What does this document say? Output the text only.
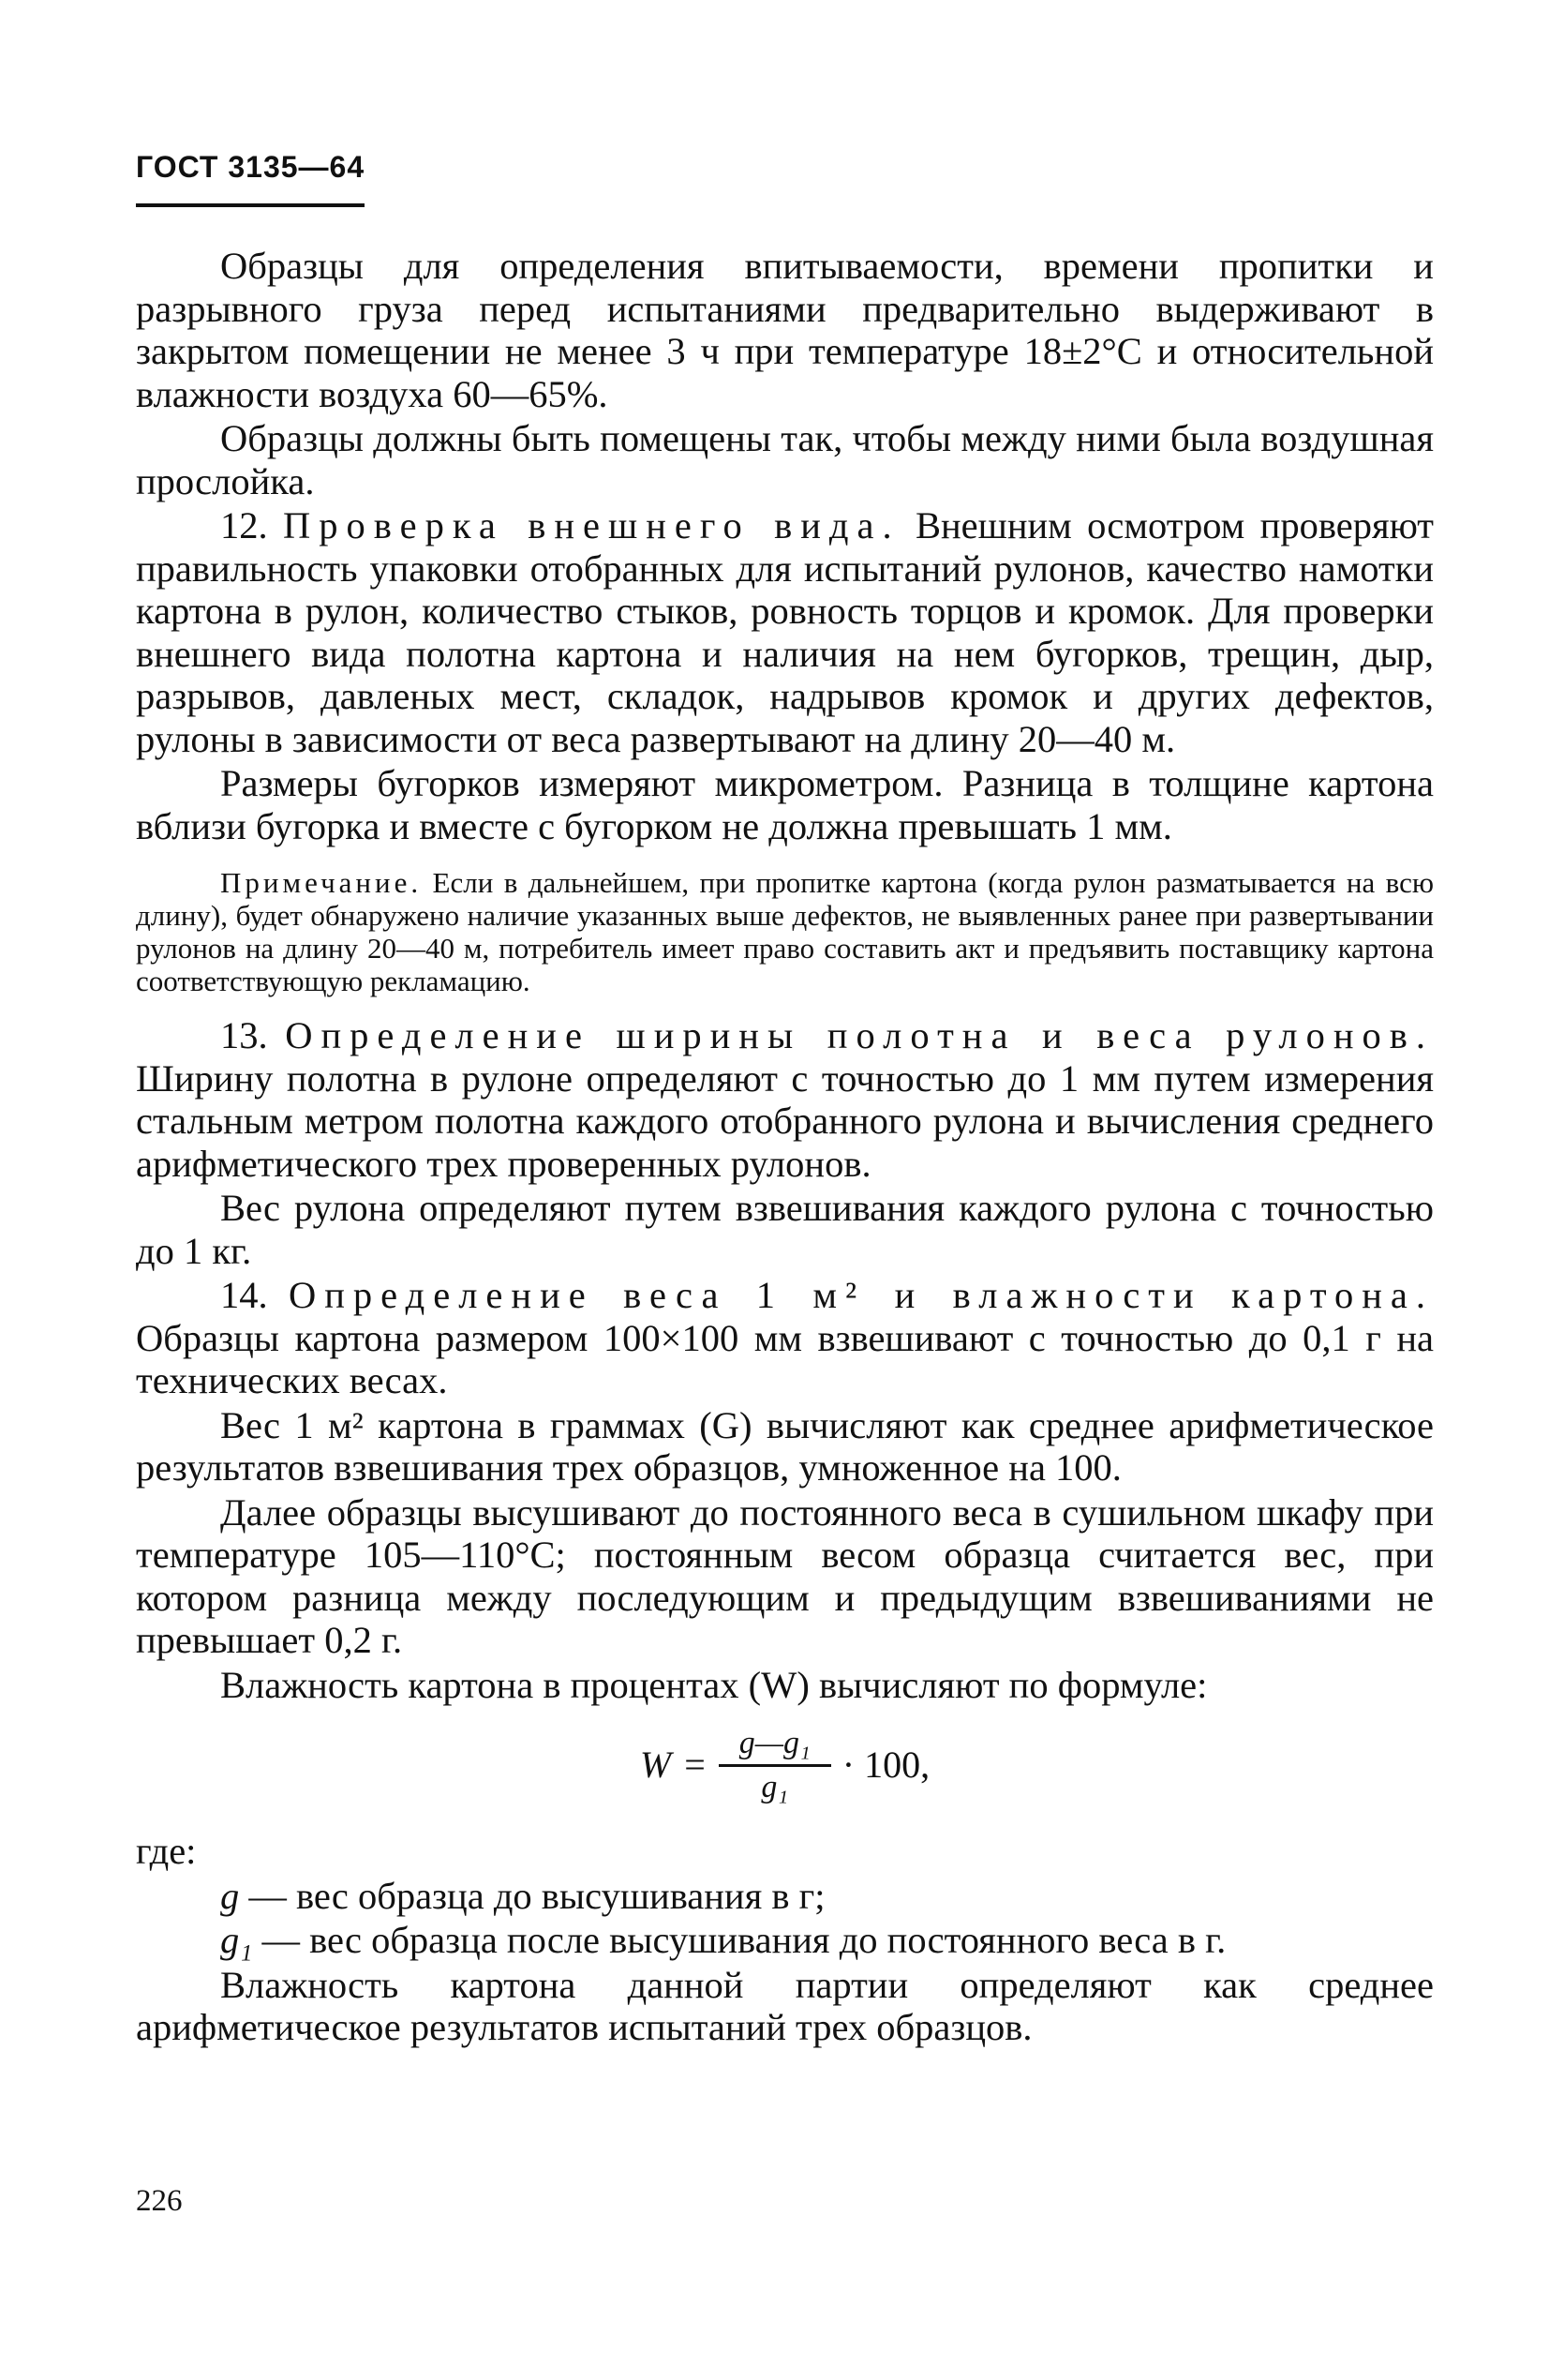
ГОСТ 3135—64

Образцы для определения впитываемости, времени пропитки и разрывного груза перед испытаниями предварительно выдерживают в закрытом помещении не менее 3 ч при температуре 18±2°С и относительной влажности воздуха 60—65%.

Образцы должны быть помещены так, чтобы между ними была воздушная прослойка.

12. Проверка внешнего вида. Внешним осмотром проверяют правильность упаковки отобранных для испытаний рулонов, качество намотки картона в рулон, количество стыков, ровность торцов и кромок. Для проверки внешнего вида полотна картона и наличия на нем бугорков, трещин, дыр, разрывов, давленых мест, складок, надрывов кромок и других дефектов, рулоны в зависимости от веса развертывают на длину 20—40 м.

Размеры бугорков измеряют микрометром. Разница в толщине картона вблизи бугорка и вместе с бугорком не должна превышать 1 мм.

Примечание. Если в дальнейшем, при пропитке картона (когда рулон разматывается на всю длину), будет обнаружено наличие указанных выше дефектов, не выявленных ранее при развертывании рулонов на длину 20—40 м, потребитель имеет право составить акт и предъявить поставщику картона соответствующую рекламацию.

13. Определение ширины полотна и веса рулонов. Ширину полотна в рулоне определяют с точностью до 1 мм путем измерения стальным метром полотна каждого отобранного рулона и вычисления среднего арифметического трех проверенных рулонов.

Вес рулона определяют путем взвешивания каждого рулона с точностью до 1 кг.

14. Определение веса 1 м² и влажности картона. Образцы картона размером 100×100 мм взвешивают с точностью до 0,1 г на технических весах.

Вес 1 м² картона в граммах (G) вычисляют как среднее арифметическое результатов взвешивания трех образцов, умноженное на 100.

Далее образцы высушивают до постоянного веса в сушильном шкафу при температуре 105—110°С; постоянным весом образца считается вес, при котором разница между последующим и предыдущим взвешиваниями не превышает 0,2 г.

Влажность картона в процентах (W) вычисляют по формуле:

$W = \frac{\text{g—g₁}}{\text{g₁}} \cdot 100$,

где:

g — вес образца до высушивания в г;

g₁ — вес образца после высушивания до постоянного веса в г.

Влажность картона данной партии определяют как среднее арифметическое результатов испытаний трех образцов.

226
